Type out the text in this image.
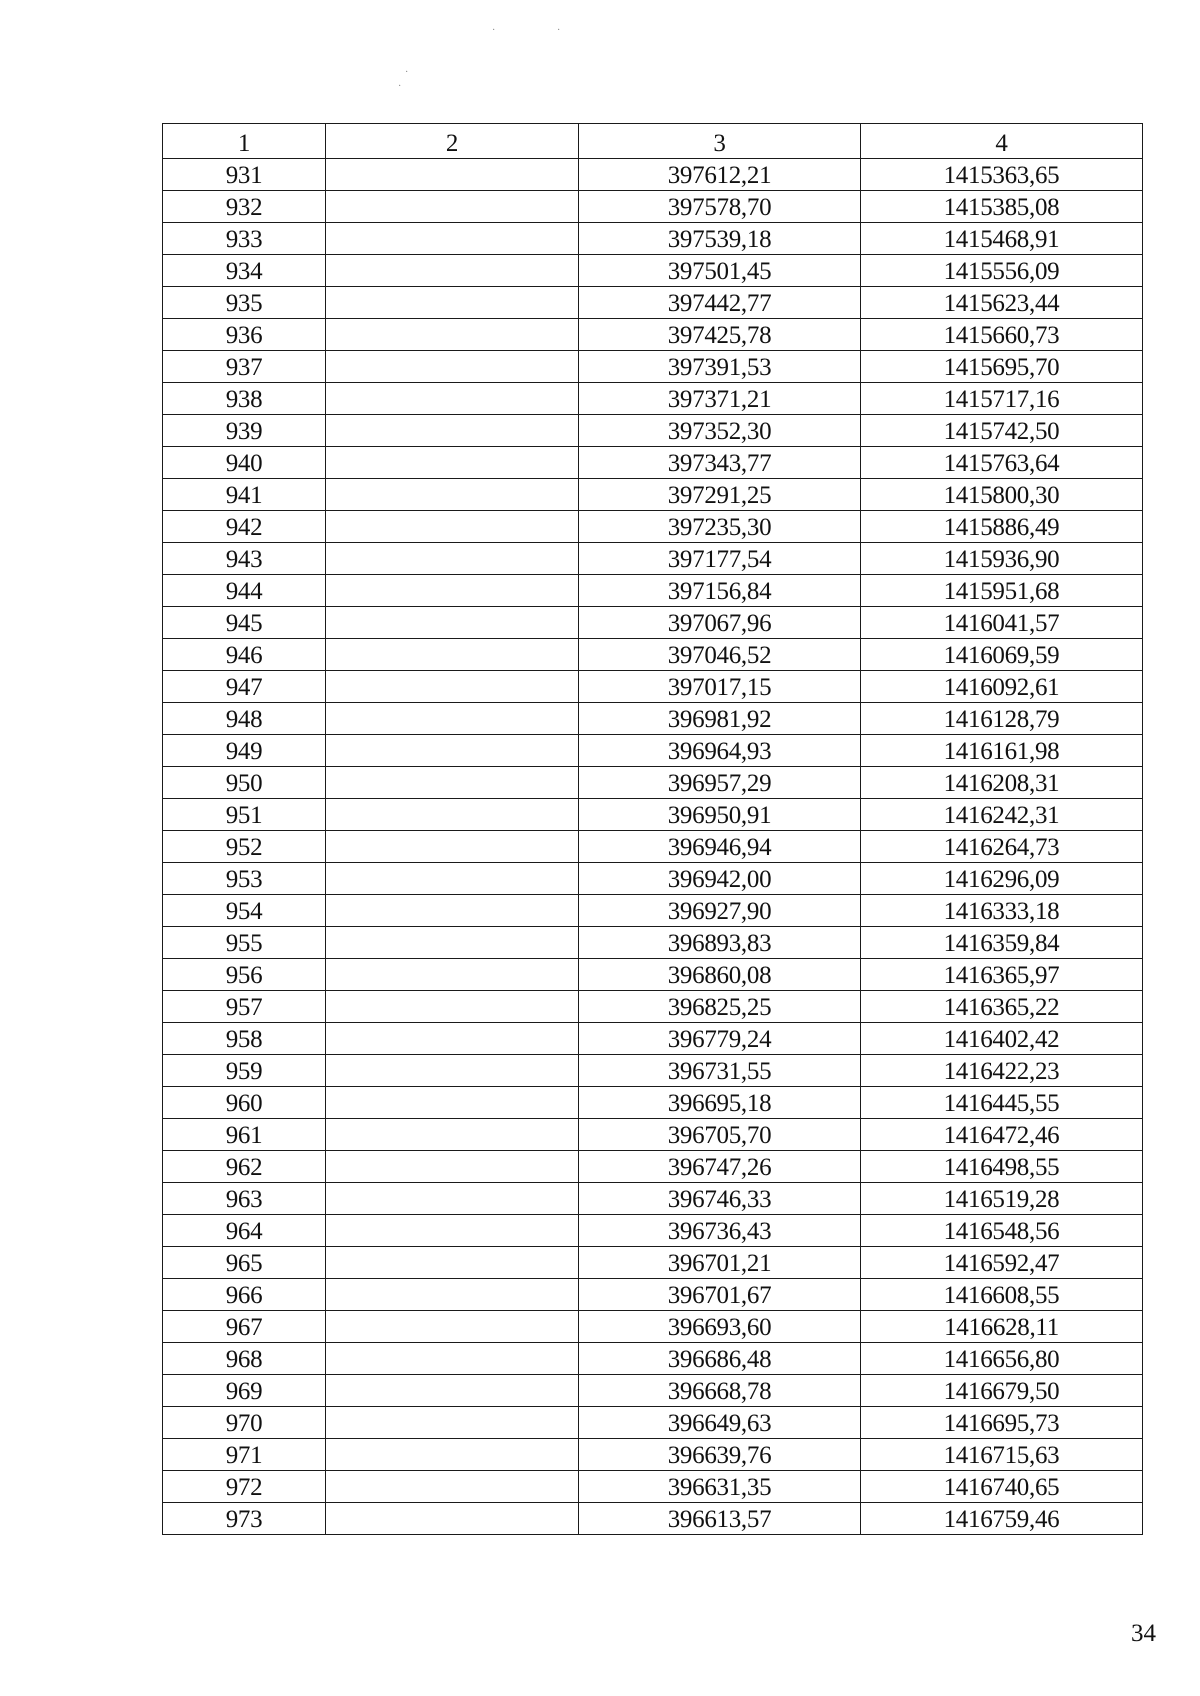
·	·
·
·
1	2	3	4
931		397612,21	1415363,65
932		397578,70	1415385,08
933		397539,18	1415468,91
934		397501,45	1415556,09
935		397442,77	1415623,44
936		397425,78	1415660,73
937		397391,53	1415695,70
938		397371,21	1415717,16
939		397352,30	1415742,50
940		397343,77	1415763,64
941		397291,25	1415800,30
942		397235,30	1415886,49
943		397177,54	1415936,90
944		397156,84	1415951,68
945		397067,96	1416041,57
946		397046,52	1416069,59
947		397017,15	1416092,61
948		396981,92	1416128,79
949		396964,93	1416161,98
950		396957,29	1416208,31
951		396950,91	1416242,31
952		396946,94	1416264,73
953		396942,00	1416296,09
954		396927,90	1416333,18
955		396893,83	1416359,84
956		396860,08	1416365,97
957		396825,25	1416365,22
958		396779,24	1416402,42
959		396731,55	1416422,23
960		396695,18	1416445,55
961		396705,70	1416472,46
962		396747,26	1416498,55
963		396746,33	1416519,28
964		396736,43	1416548,56
965		396701,21	1416592,47
966		396701,67	1416608,55
967		396693,60	1416628,11
968		396686,48	1416656,80
969		396668,78	1416679,50
970		396649,63	1416695,73
971		396639,76	1416715,63
972		396631,35	1416740,65
973		396613,57	1416759,46
34
